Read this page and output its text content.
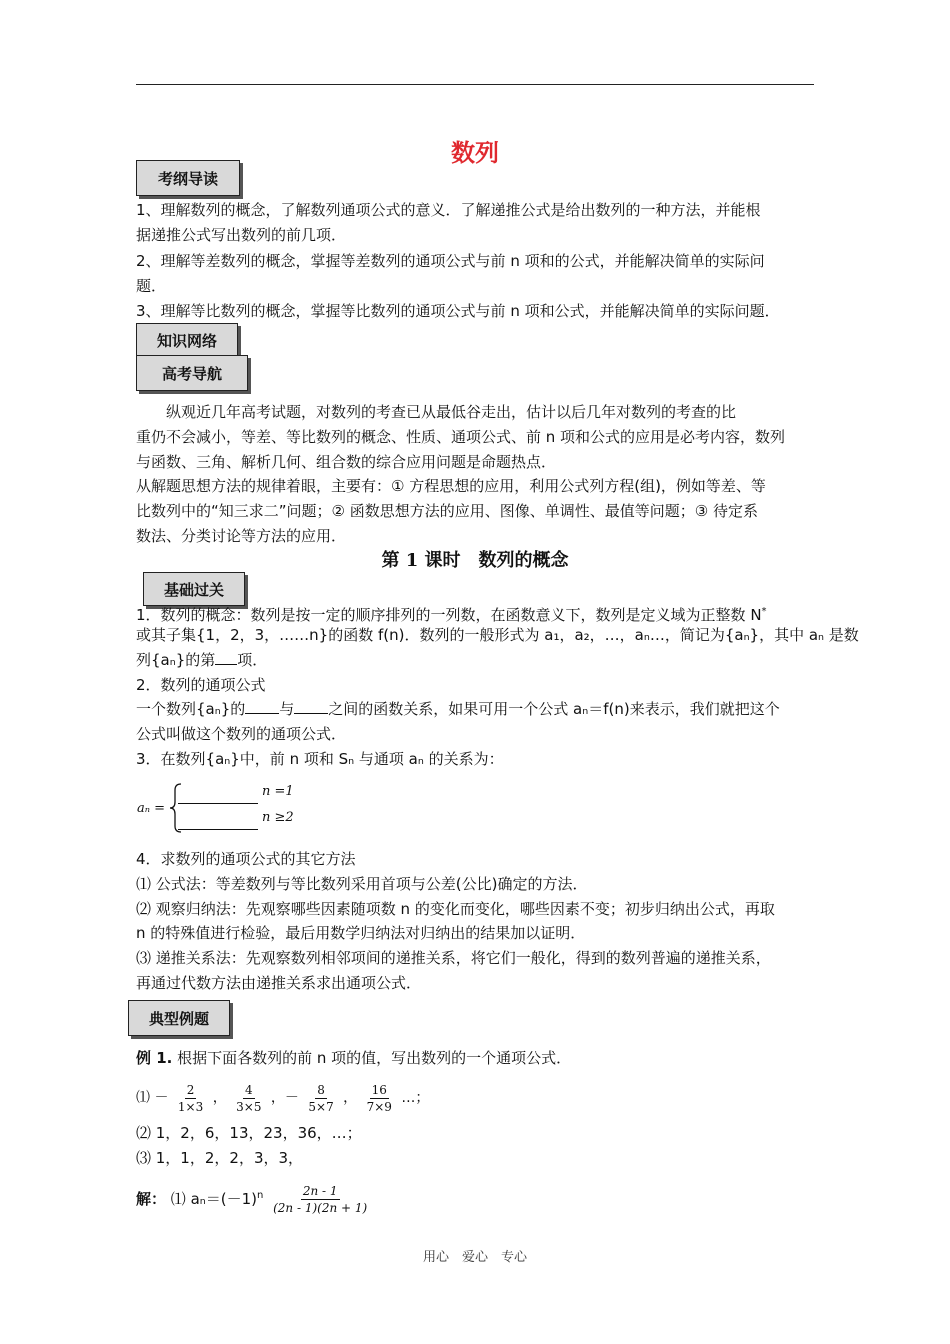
数列
考纲导读
1、理解数列的概念，了解数列通项公式的意义．了解递推公式是给出数列的一种方法，并能根
据递推公式写出数列的前几项．
2、理解等差数列的概念，掌握等差数列的通项公式与前 n 项和的公式，并能解决简单的实际问
题．
3、理解等比数列的概念，掌握等比数列的通项公式与前 n 项和公式，并能解决简单的实际问题．
知识网络
高考导航
　　纵观近几年高考试题，对数列的考查已从最低谷走出，估计以后几年对数列的考查的比
重仍不会减小，等差、等比数列的概念、性质、通项公式、前 n 项和公式的应用是必考内容，数列
与函数、三角、解析几何、组合数的综合应用问题是命题热点．
从解题思想方法的规律着眼，主要有：① 方程思想的应用，利用公式列方程(组)，例如等差、等
比数列中的“知三求二”问题；② 函数思想方法的应用、图像、单调性、最值等问题；③ 待定系
数法、分类讨论等方法的应用．
第 1 课时　数列的概念
基础过关
1．数列的概念：数列是按一定的顺序排列的一列数，在函数意义下，数列是定义域为正整数 N*
或其子集{1，2，3，……n}的函数 f(n)．数列的一般形式为 a₁，a₂，…，aₙ…，简记为{aₙ}，其中 aₙ 是数
列{aₙ}的第 项．
2．数列的通项公式
一个数列{aₙ}的 与 之间的函数关系，如果可用一个公式 aₙ＝f(n)来表示，我们就把这个
公式叫做这个数列的通项公式．
3．在数列{aₙ}中，前 n 项和 Sₙ 与通项 aₙ 的关系为：
aₙ =
n =1
n ≥2
4．求数列的通项公式的其它方法
⑴ 公式法：等差数列与等比数列采用首项与公差(公比)确定的方法．
⑵ 观察归纳法：先观察哪些因素随项数 n 的变化而变化，哪些因素不变；初步归纳出公式，再取
n 的特殊值进行检验，最后用数学归纳法对归纳出的结果加以证明．
⑶ 递推关系法：先观察数列相邻项间的递推关系，将它们一般化，得到的数列普遍的递推关系，
再通过代数方法由递推关系求出通项公式．
典型例题
例 1. 根据下面各数列的前 n 项的值，写出数列的一个通项公式．
⑴ － $\frac{2}{1\times 3}$ ， $\frac{4}{3\times 5}$ ，－ $\frac{8}{5\times 7}$ ， $\frac{16}{7\times 9}$ …；
⑵ 1，2，6，13，23，36，…；
⑶ 1，1，2，2，3，3，
解： ⑴ $a_n=(-1)^n \frac{2n - 1}{(2n - 1)(2n + 1)}$
用心　爱心　专心
